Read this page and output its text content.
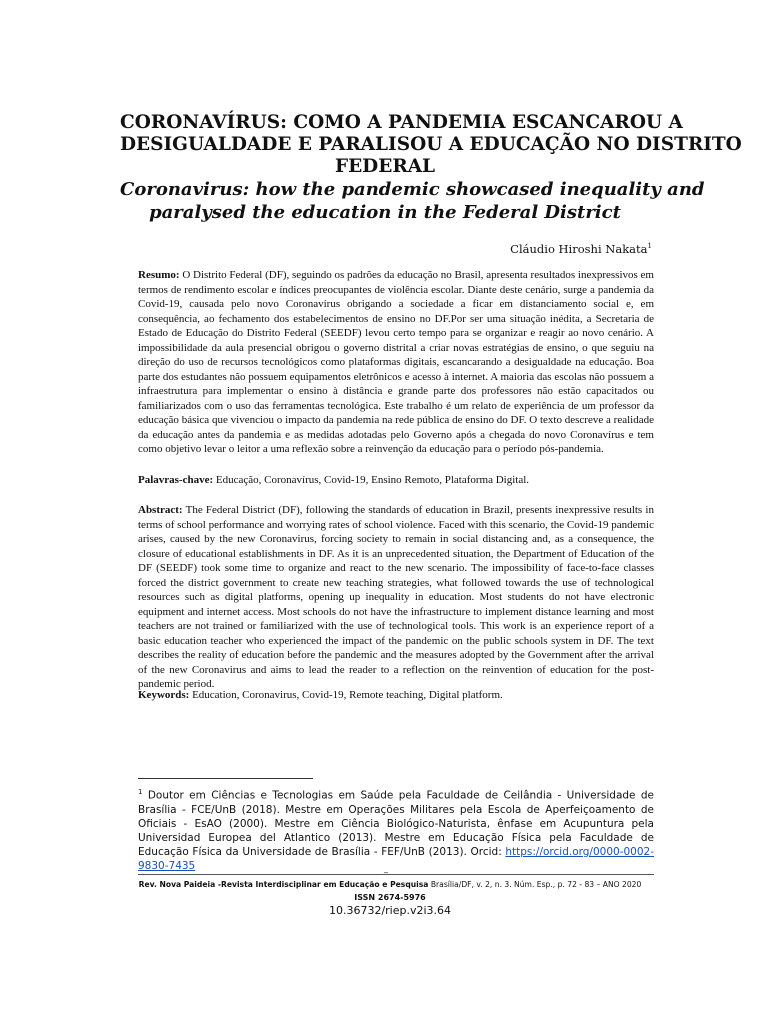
CORONAVÍRUS: COMO A PANDEMIA ESCANCAROU A
DESIGUALDADE E PARALISOU A EDUCAÇÃO NO DISTRITO
FEDERAL
Coronavirus: how the pandemic showcased inequality and
paralysed the education in the Federal District
Cláudio Hiroshi Nakata$^1$
Resumo: O Distrito Federal (DF), seguindo os padrões da educação no Brasil, apresenta resultados inexpressivos em termos de rendimento escolar e índices preocupantes de violência escolar. Diante deste cenário, surge a pandemia da Covid-19, causada pelo novo Coronavírus obrigando a sociedade a ficar em distanciamento social e, em consequência, ao fechamento dos estabelecimentos de ensino no DF.Por ser uma situação inédita, a Secretaria de Estado de Educação do Distrito Federal (SEEDF) levou certo tempo para se organizar e reagir ao novo cenário. A impossibilidade da aula presencial obrigou o governo distrital a criar novas estratégias de ensino, o que seguiu na direção do uso de recursos tecnológicos como plataformas digitais, escancarando a desigualdade na educação. Boa parte dos estudantes não possuem equipamentos eletrônicos e acesso à internet. A maioria das escolas não possuem a infraestrutura para implementar o ensino à distância e grande parte dos professores não estão capacitados ou familiarizados com o uso das ferramentas tecnológica. Este trabalho é um relato de experiência de um professor da educação básica que vivenciou o impacto da pandemia na rede pública de ensino do DF. O texto descreve a realidade da educação antes da pandemia e as medidas adotadas pelo Governo após a chegada do novo Coronavírus e tem como objetivo levar o leitor a uma reflexão sobre a reinvenção da educação para o período pós-pandemia.
Palavras-chave: Educação, Coronavírus, Covid-19, Ensino Remoto, Plataforma Digital.
Abstract: The Federal District (DF), following the standards of education in Brazil, presents inexpressive results in terms of school performance and worrying rates of school violence. Faced with this scenario, the Covid-19 pandemic arises, caused by the new Coronavirus, forcing society to remain in social distancing and, as a consequence, the closure of educational establishments in DF. As it is an unprecedented situation, the Department of Education of the DF (SEEDF) took some time to organize and react to the new scenario. The impossibility of face-to-face classes forced the district government to create new teaching strategies, what followed towards the use of technological resources such as digital platforms, opening up inequality in education. Most students do not have electronic equipment and internet access. Most schools do not have the infrastructure to implement distance learning and most teachers are not trained or familiarized with the use of technological tools. This work is an experience report of a basic education teacher who experienced the impact of the pandemic on the public schools system in DF. The text describes the reality of education before the pandemic and the measures adopted by the Government after the arrival of the new Coronavirus and aims to lead the reader to a reflection on the reinvention of education for the post-pandemic period.
Keywords: Education, Coronavirus, Covid-19, Remote teaching, Digital platform.
$^1$ Doutor em Ciências e Tecnologias em Saúde pela Faculdade de Ceilândia - Universidade de Brasília - FCE/UnB (2018). Mestre em Operações Militares pela Escola de Aperfeiçoamento de Oficiais - EsAO (2000). Mestre em Ciência Biológico-Naturista, ênfase em Acupuntura pela Universidad Europea del Atlantico (2013). Mestre em Educação Física pela Faculdade de Educação Física da Universidade de Brasília - FEF/UnB (2013). Orcid: https://orcid.org/0000-0002-9830-7435	_
Rev. Nova Paideia -Revista Interdisciplinar em Educação e Pesquisa Brasília/DF, v. 2, n. 3. Núm. Esp., p. 72 - 83 – ANO 2020
ISSN 2674-5976
10.36732/riep.v2i3.64
